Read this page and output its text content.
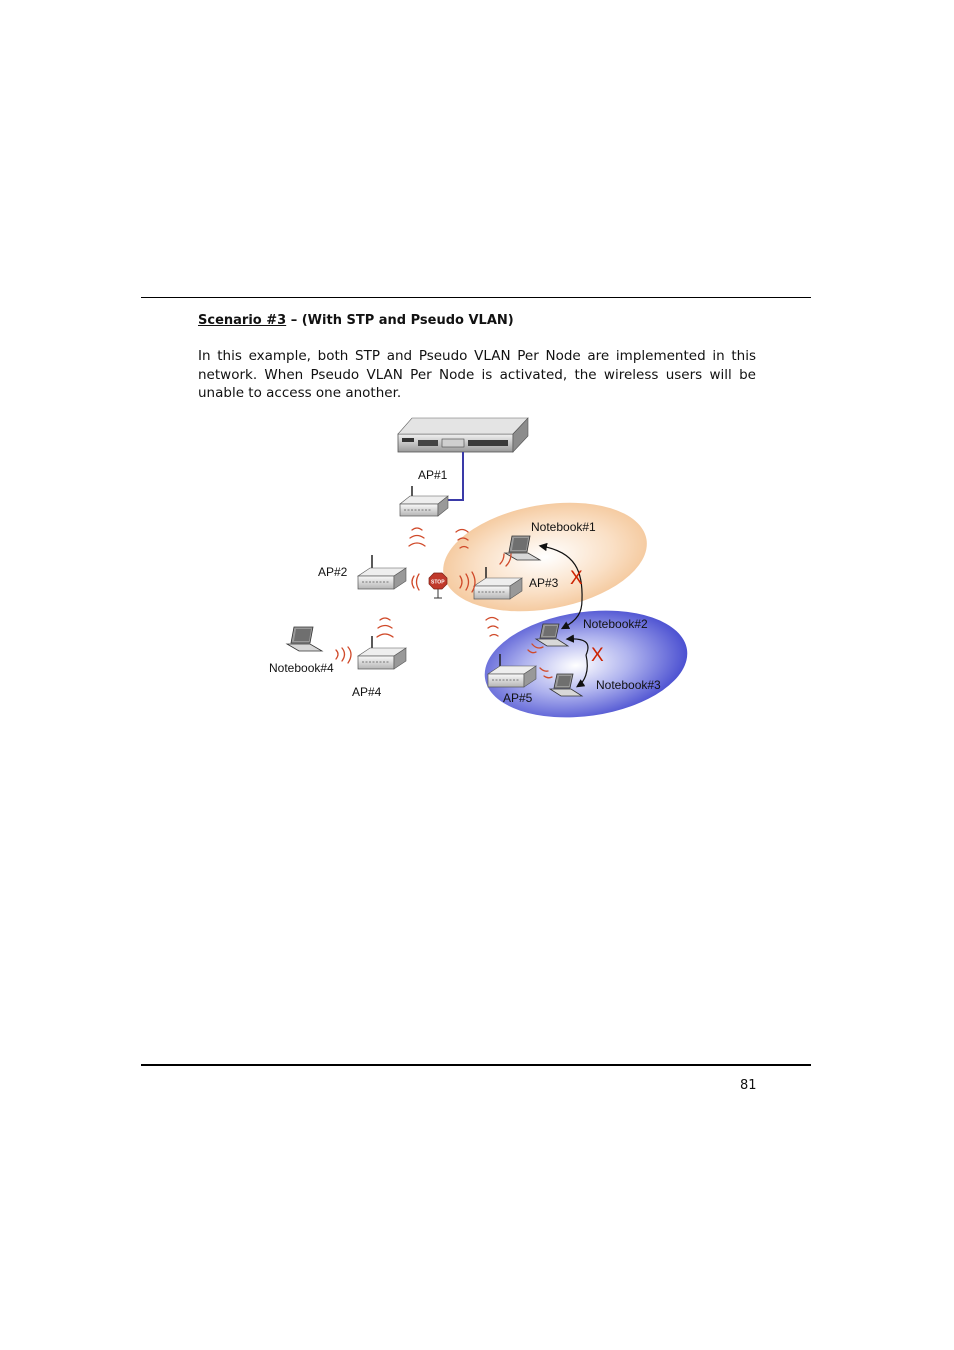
Scenario #3 – (With STP and Pseudo VLAN)
In this example, both STP and Pseudo VLAN Per Node are implemented in this network. When Pseudo VLAN Per Node is activated, the wireless users will be unable to access one another.
AP#1
AP#2
AP#3
AP#4	AP#5
Notebook#1
Notebook#2
Notebook#3
Notebook#4
STOP	X
X
81
